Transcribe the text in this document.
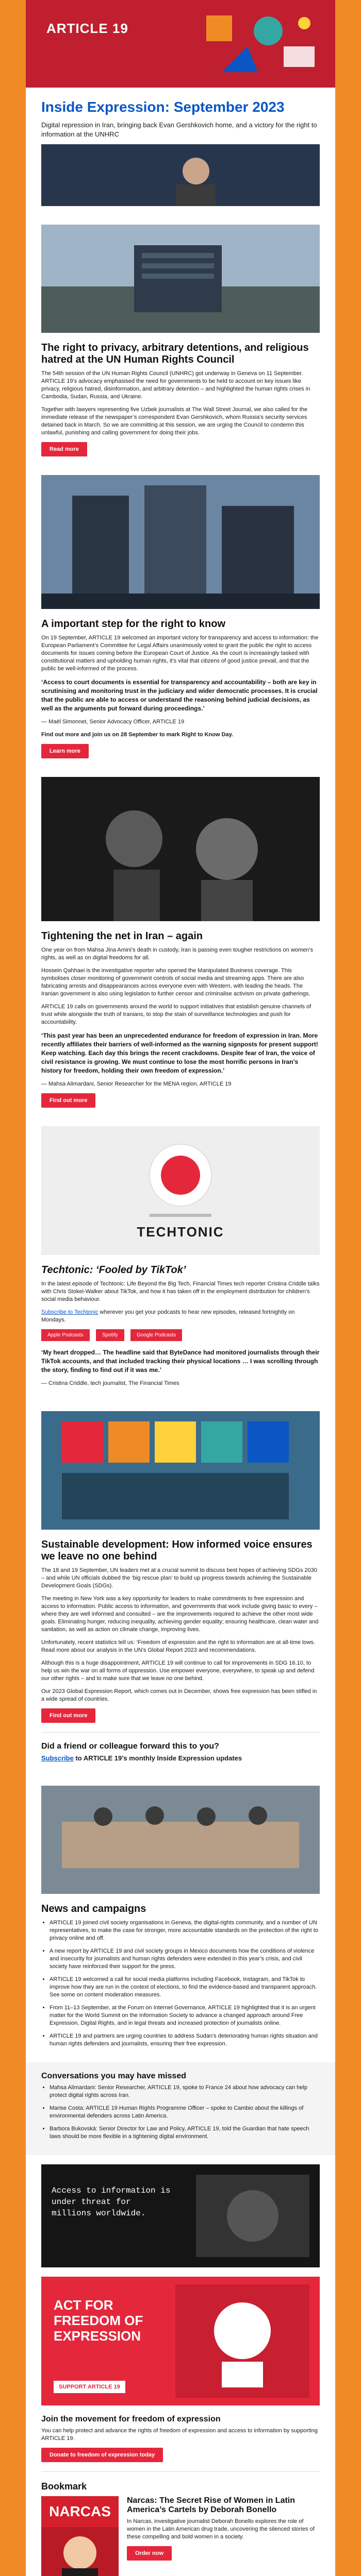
ARTICLE 19
Inside Expression: September 2023

Digital repression in Iran, bringing back Evan Gershkovich home, and a victory for the right to information at the UNHRC

The right to privacy, arbitrary detentions, and religious hatred at the UN Human Rights Council

The 54th session of the UN Human Rights Council (UNHRC) got underway in Geneva on 11 September. ARTICLE 19's advocacy emphasised the need for governments to be held to account on key issues like privacy, religious hatred, disinformation, and arbitrary detention – and highlighted the human rights crises in Cambodia, Sudan, Russia, and Ukraine.

Together with lawyers representing five Uzbek journalists at The Wall Street Journal, we also called for the immediate release of the newspaper’s correspondent Evan Gershkovich, whom Russia’s security services detained back in March. So we are committing at this session, we are urging the Council to condemn this unlawful, punishing and calling government for doing their jobs.

Read more
A important step for the right to know

On 19 September, ARTICLE 19 welcomed an important victory for transparency and access to information: the European Parliament’s Committee for Legal Affairs unanimously voted to grant the public the right to access documents for issues coming before the European Court of Justice. As the court is increasingly tasked with constitutional matters and upholding human rights, it’s vital that citizens of good justice prevail, and that the public be well-informed of the process.

‘Access to court documents is essential for transparency and accountability – both are key in scrutinising and monitoring trust in the judiciary and wider democratic processes. It is crucial that the public are able to access or understand the reasoning behind judicial decisions, as well as the arguments put forward during proceedings.’

— Maël Simonnet, Senior Advocacy Officer, ARTICLE 19

Find out more and join us on 28 September to mark Right to Know Day.

Learn more
Tightening the net in Iran – again

One year on from Mahsa Jina Amini’s death in custody, Iran is passing even tougher restrictions on women’s rights, as well as on digital freedoms for all.

Hossein Qahhaei is the investigative reporter who opened the Manipulated Business coverage. This symbolises closer monitoring of government controls of social media and streaming apps. There are also fabricating arrests and disappearances across everyone even with Western, with leading the heads. The Iranian government is also using legislation to further censor and criminalise activism on private gatherings.

ARTICLE 19 calls on governments around the world to support initiatives that establish genuine channels of trust while alongside the truth of Iranians, to stop the stain of surveillance technologies and push for accountability.

‘This past year has been an unprecedented endurance for freedom of expression in Iran. More recently affiliates their barriers of well-informed as the warning signposts for present support! Keep watching. Each day this brings the recent crackdowns. Despite fear of Iran, the voice of civil resistance is growing. We must continue to lose the most horrific persons in Iran’s history for freedom, holding their own freedom of expression.’

— Mahsa Alimardani, Senior Researcher for the MENA region, ARTICLE 19

Find out more
TECHTONIC
Techtonic: ‘Fooled by TikTok’

In the latest episode of Techtonic: Life Beyond the Big Tech, Financial Times tech reporter Cristina Criddle talks with Chris Stokel-Walker about TikTok, and how it has taken off in the employment distribution for children’s social media behaviour.

Subscribe to Techtonic wherever you get your podcasts to hear new episodes, released fortnightly on Mondays.

Apple Podcasts	Spotify	Google Podcasts

‘My heart dropped… The headline said that ByteDance had monitored journalists through their TikTok accounts, and that included tracking their physical locations … I was scrolling through the story, finding to find out if it was me.’

— Cristina Criddle, tech journalist, The Financial Times

Sustainable development: How informed voice ensures we leave no one behind

The 18 and 19 September, UN leaders met at a crucial summit to discuss best hopes of achieving SDGs 2030 – and while UN officials dubbed the ‘big rescue plan’ to build up progress towards achieving the Sustainable Development Goals (SDGs).

The meeting in New York was a key opportunity for leaders to make commitments to free expression and access to information. Public access to information, and governments that work include giving basic to every – where they are well informed and consulted – are the improvements required to achieve the other most wide goals. Eliminating hunger, reducing inequality, achieving gender equality; ensuring healthcare, clean water and sanitation, as well as action on climate change, improving lives.

Unfortunately, recent statistics tell us: ‘Freedom of expression and the right to information are at all-time lows. Read more about our analysis in the UN’s Global Report 2023 and recommendations.

Although this is a huge disappointment, ARTICLE 19 will continue to call for improvements in SDG 16.10, to help us win the war on all forms of oppression. Use empower everyone, everywhere, to speak up and defend our other rights – and to make sure that we leave no one behind.

Our 2023 Global Expression Report, which comes out in December, shows free expression has been stifled in a wide spread of countries.

Find out more
Did a friend or colleague forward this to you?

Subscribe to ARTICLE 19’s monthly Inside Expression updates

News and campaigns
• ARTICLE 19 joined civil society organisations in Geneva, the digital-rights community, and a number of UN representatives, to make the case for stronger, more accountable standards on the protection of the right to privacy online and off.
• A new report by ARTICLE 19 and civil society groups in Mexico documents how the conditions of violence and insecurity for journalists and human rights defenders were extended in this year’s crisis, and civil society have reinforced their support for the press.
• ARTICLE 19 welcomed a call for social media platforms including Facebook, Instagram, and TikTok to improve how they are run in the context of elections, to find the evidence-based and transparent approach. See some on content moderation measures.
• From 11–13 September, at the Forum on Internet Governance, ARTICLE 19 highlighted that it is an urgent matter for the World Summit on the Information Society to advance a changed approach around Free Expression, Digital Rights, and in legal threats and increased protection of journalists online.
• ARTICLE 19 and partners are urging countries to address Sudan’s deteriorating human rights situation and human rights defenders and journalists, ensuring their free expression.
Conversations you may have missed
• Mahsa Alimardani: Senior Researcher, ARTICLE 19, spoke to France 24 about how advocacy can help protect digital rights across Iran.
• Marise Costa: ARTICLE 19 Human Rights Programme Officer – spoke to Cambio about the killings of environmental defenders across Latin America.
• Barbora Bukovská: Senior Director for Law and Policy, ARTICLE 19, told the Guardian that hate speech laws should be more flexible in a tightening digital environment.
Access to information is under threat for millions worldwide.
ACT FOR FREEDOM OF EXPRESSION
SUPPORT ARTICLE 19
Join the movement for freedom of expression

You can help protect and advance the rights of freedom of expression and access to information by supporting ARTICLE 19.

Donate to freedom of expression today
Bookmark
NARCAS
Narcas: The Secret Rise of Women in Latin America’s Cartels by Deborah Bonello

In Narcas, investigative journalist Deborah Bonello explores the role of women in the Latin American drug trade, uncovering the silenced stories of these compelling and bold women in a society.

Order now
